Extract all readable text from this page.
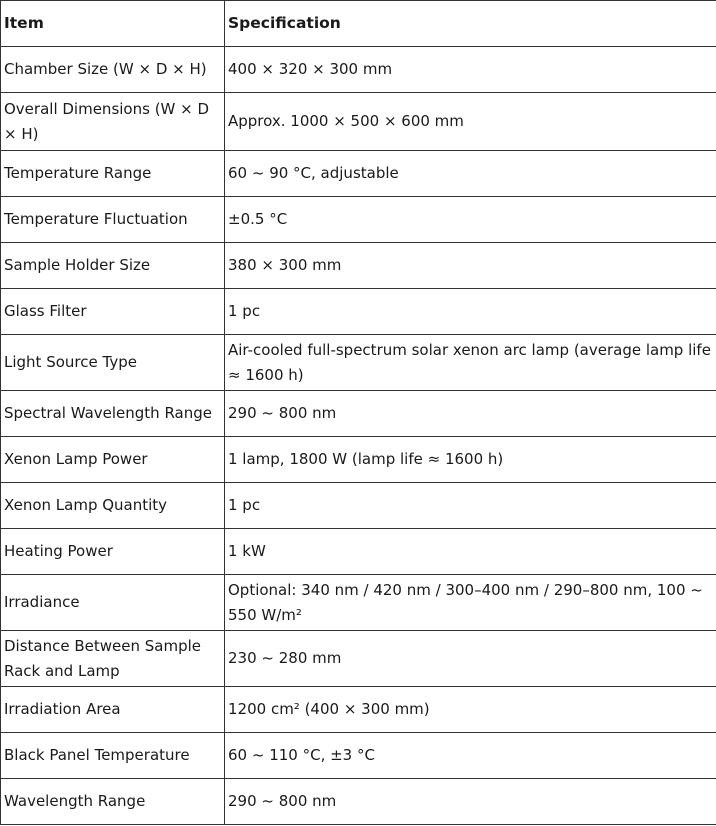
Item	Specification
Chamber Size (W × D × H)	400 × 320 × 300 mm
Overall Dimensions (W × D × H)	Approx. 1000 × 500 × 600 mm
Temperature Range	60 ~ 90 °C, adjustable
Temperature Fluctuation	±0.5 °C
Sample Holder Size	380 × 300 mm
Glass Filter	1 pc
Light Source Type	Air-cooled full-spectrum solar xenon arc lamp (average lamp life ≈ 1600 h)
Spectral Wavelength Range	290 ~ 800 nm
Xenon Lamp Power	1 lamp, 1800 W (lamp life ≈ 1600 h)
Xenon Lamp Quantity	1 pc
Heating Power	1 kW
Irradiance	Optional: 340 nm / 420 nm / 300–400 nm / 290–800 nm, 100 ~ 550 W/m²
Distance Between Sample Rack and Lamp	230 ~ 280 mm
Irradiation Area	1200 cm² (400 × 300 mm)
Black Panel Temperature	60 ~ 110 °C, ±3 °C
Wavelength Range	290 ~ 800 nm
